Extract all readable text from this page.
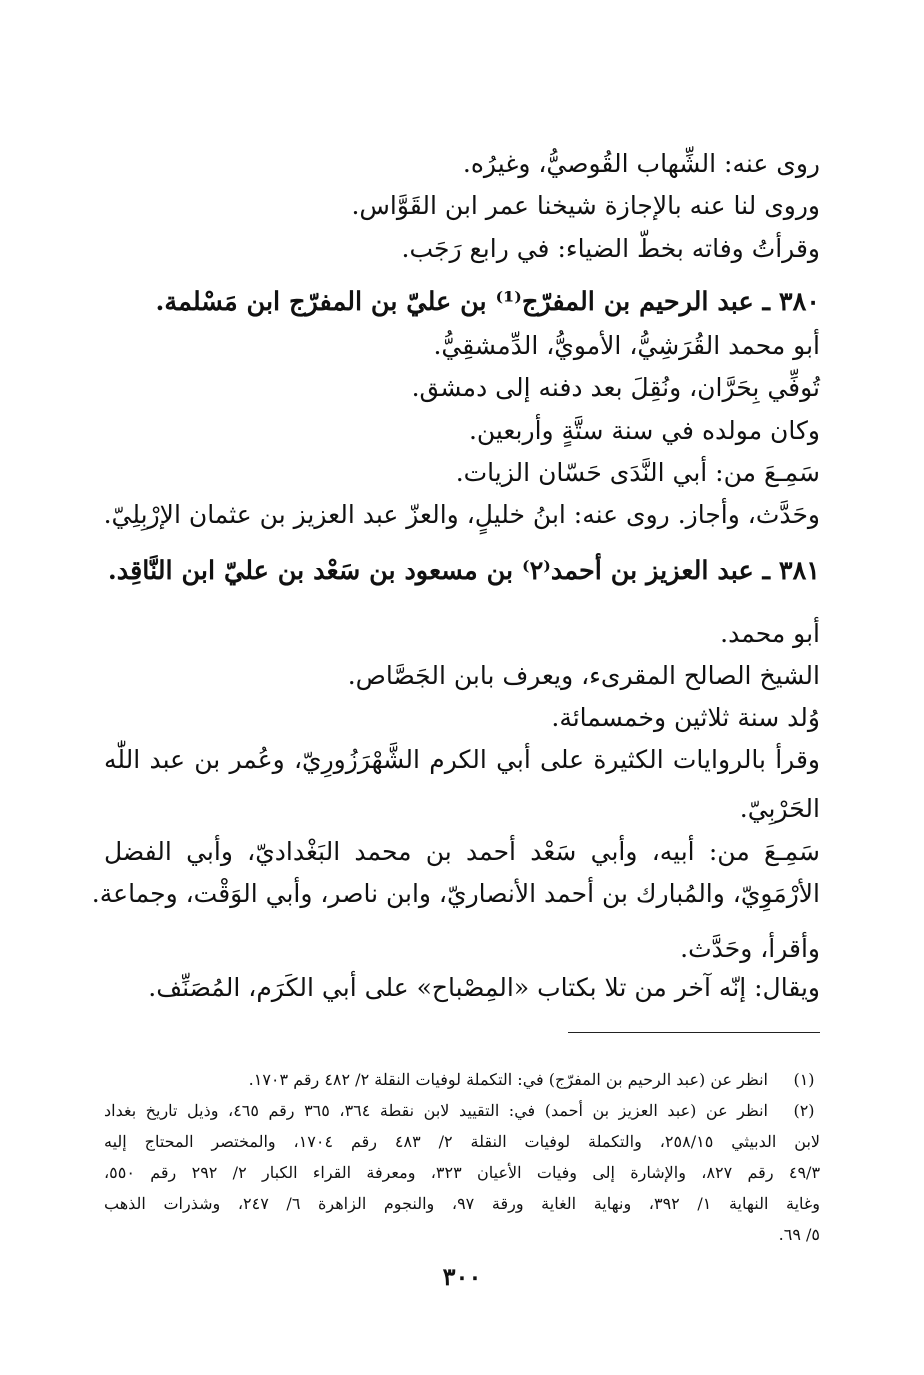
روى عنه: الشِّهاب القُوصيُّ، وغيرُه.

وروى لنا عنه بالإجازة شيخنا عمر ابن القَوَّاس.

وقرأتُ وفاته بخطّ الضياء: في رابع رَجَب.

٣٨٠ ـ عبد الرحيم بن المفرّج⁽¹⁾ بن عليّ بن المفرّج ابن مَسْلمة.

أبو محمد القُرَشِيُّ، الأمويُّ، الدِّمشقِيُّ.

تُوفِّي بِحَرَّان، ونُقِلَ بعد دفنه إلى دمشق.

وكان مولده في سنة ستَّةٍ وأربعين.

سَمِـعَ من: أبي النَّدَى حَسّان الزيات.

وحَدَّث، وأجاز. روى عنه: ابنُ خليلٍ، والعزّ عبد العزيز بن عثمان الإرْبِلِيّ.

٣٨١ ـ عبد العزيز بن أحمد⁽٢⁾ بن مسعود بن سَعْد بن عليّ ابن النَّاقِد.

أبو محمد.

الشيخ الصالح المقرىء، ويعرف بابن الجَصَّاص.

وُلد سنة ثلاثين وخمسمائة.

وقرأ بالروايات الكثيرة على أبي الكرم الشَّهْرَزُورِيّ، وعُمر بن عبد اللّٰه

الحَرْبِيّ.

سَمِـعَ من: أبيه، وأبي سَعْد أحمد بن محمد البَغْداديّ، وأبي الفضل

الأرْمَوِيّ، والمُبارك بن أحمد الأنصاريّ، وابن ناصر، وأبي الوَقْت، وجماعة.

وأقرأ، وحَدَّث.

ويقال: إنّه آخر من تلا بكتاب «المِصْباح» على أبي الكَرَم، المُصَنِّف.

(١)

انظر عن (عبد الرحيم بن المفرّج) في: التكملة لوفيات النقلة ٢/ ٤٨٢ رقم ١٧٠٣.

(٢)

انظر عن (عبد العزيز بن أحمد) في: التقييد لابن نقطة ٣٦٤، ٣٦٥ رقم ٤٦٥، وذيل تاريخ بغداد

لابن الدبيثي ٢٥٨/١٥، والتكملة لوفيات النقلة ٢/ ٤٨٣ رقم ١٧٠٤، والمختصر المحتاج إليه

٤٩/٣ رقم ٨٢٧، والإشارة إلى وفيات الأعيان ٣٢٣، ومعرفة القراء الكبار ٢/ ٢٩٢ رقم ٥٥٠،

وغاية النهاية ١/ ٣٩٢، ونهاية الغاية ورقة ٩٧، والنجوم الزاهرة ٦/ ٢٤٧، وشذرات الذهب

٥/ ٦٩.

٣٠٠
